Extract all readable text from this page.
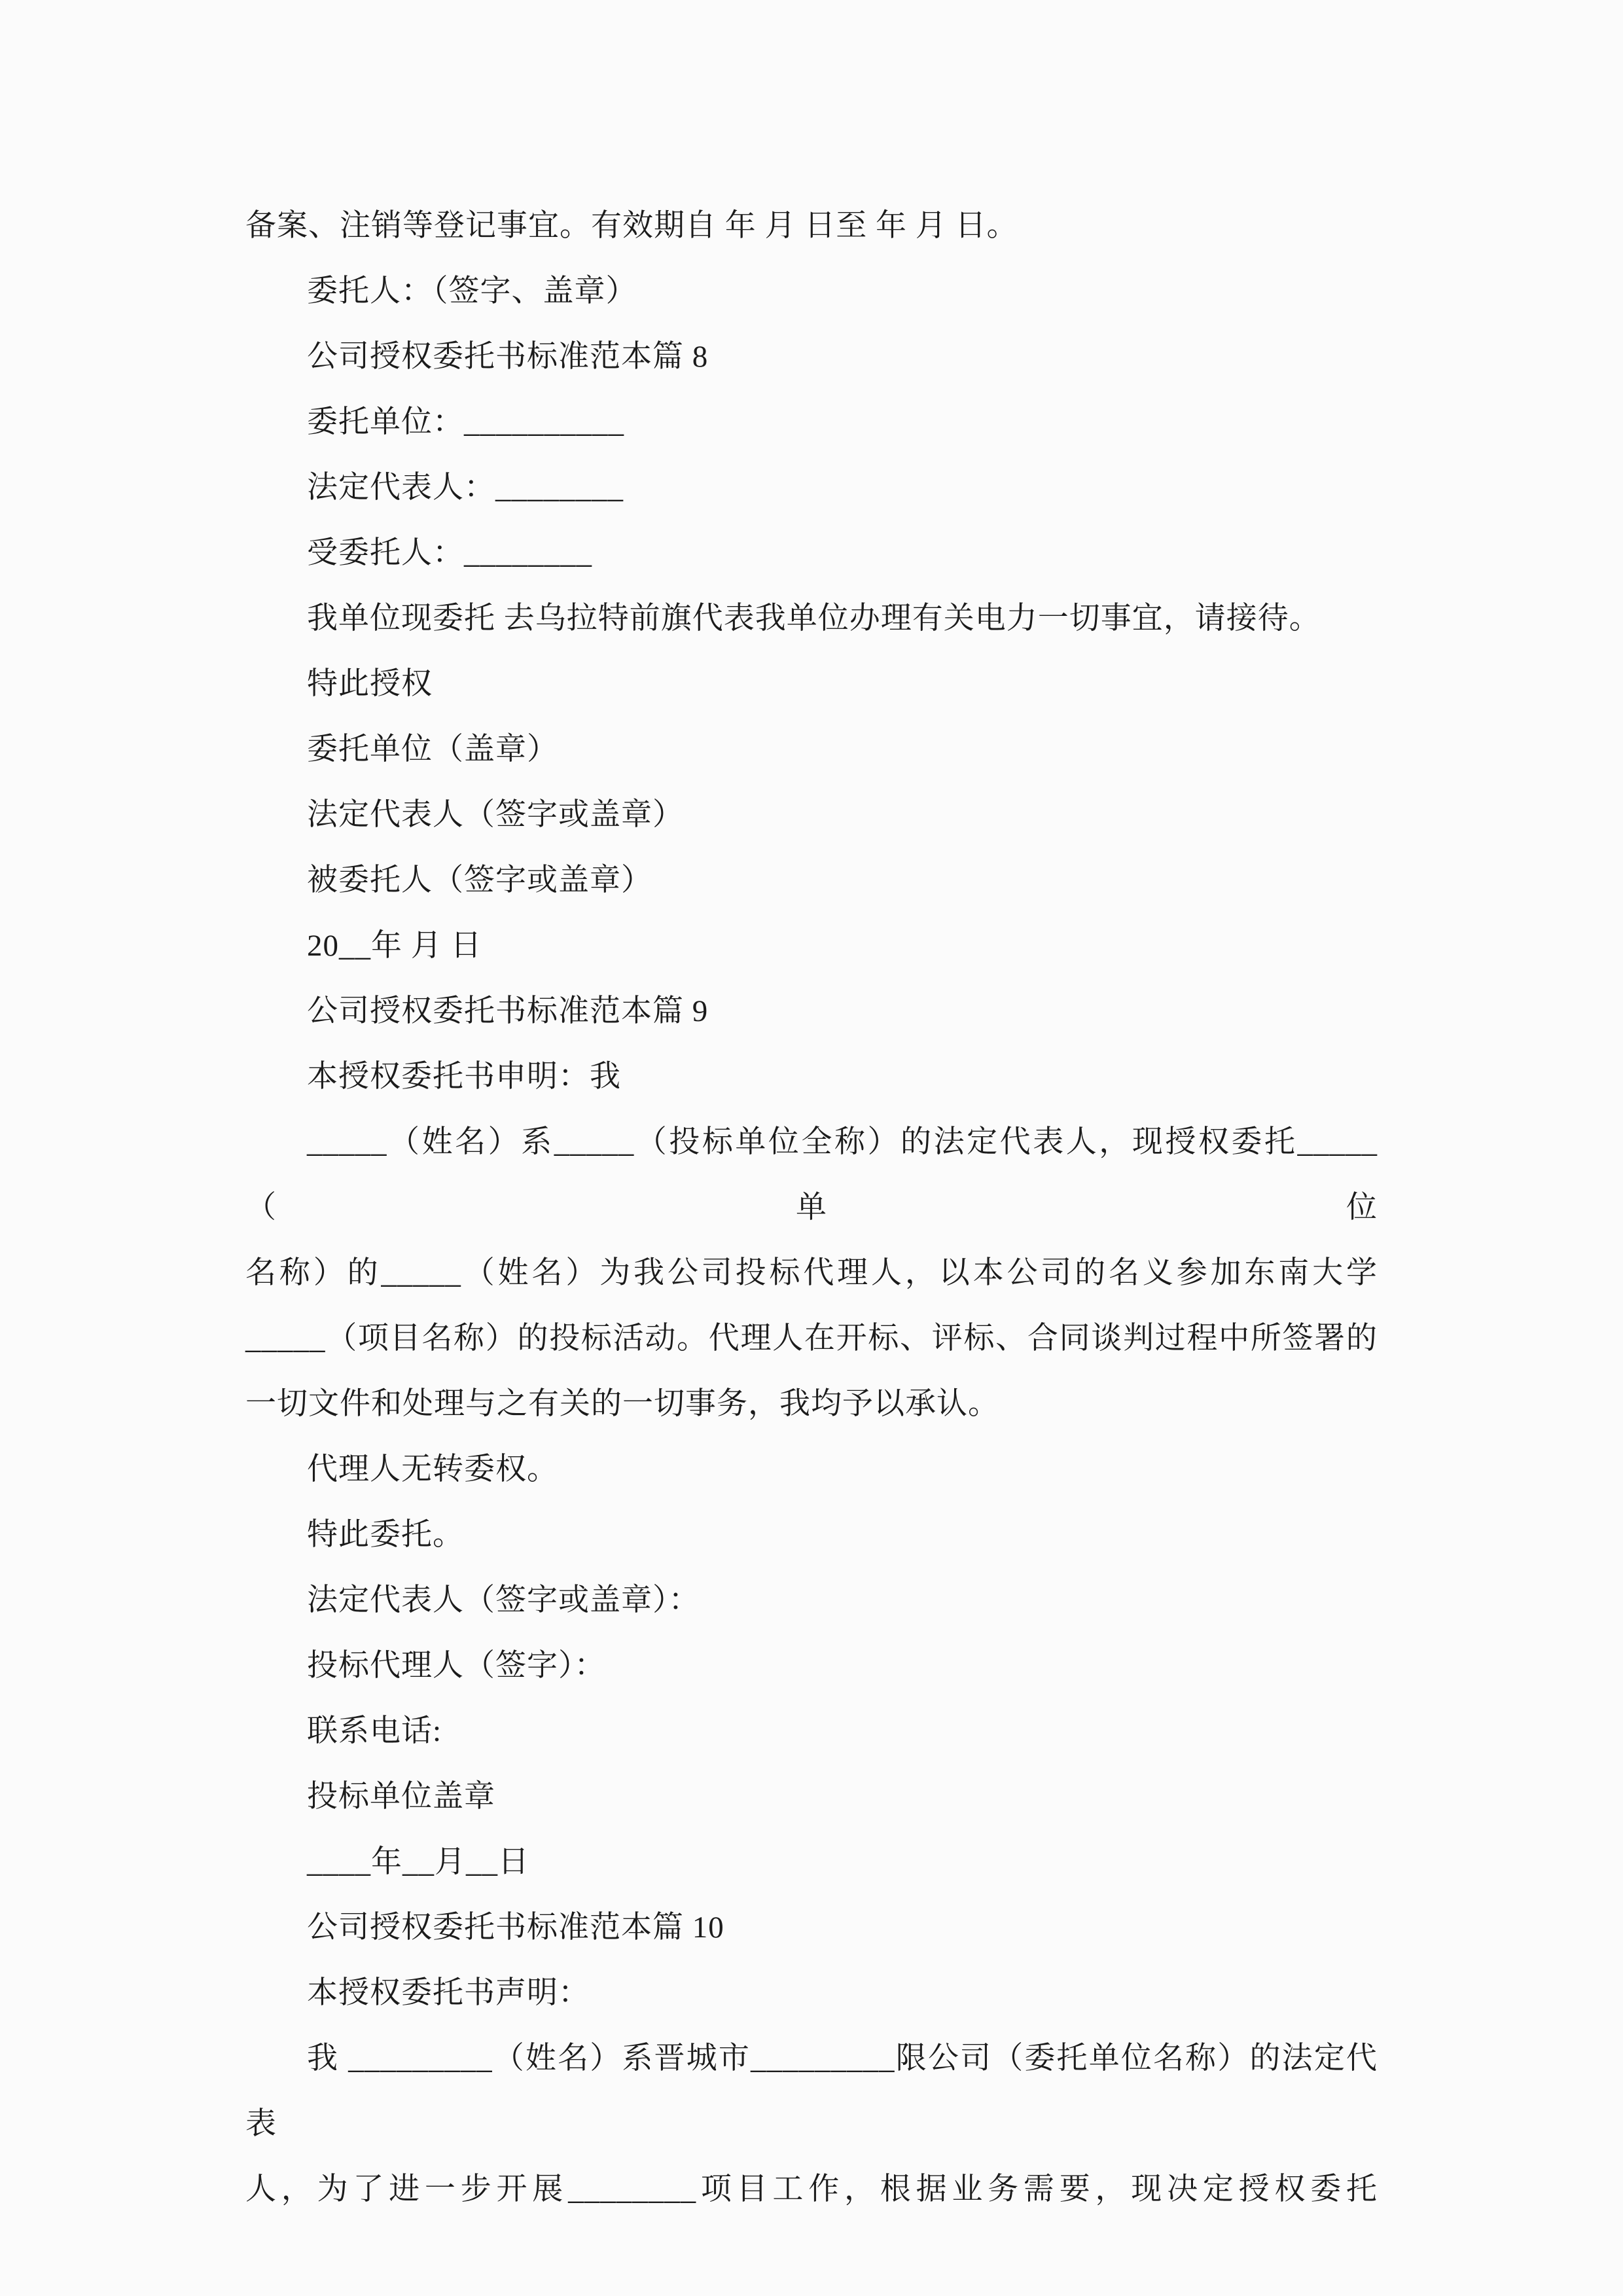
备案、注销等登记事宜。有效期自 年 月 日至 年 月 日。
委托人：（签字、盖章）
公司授权委托书标准范本篇 8
委托单位：__________
法定代表人：________
受委托人：________
我单位现委托 去乌拉特前旗代表我单位办理有关电力一切事宜，请接待。
特此授权
委托单位（盖章）
法定代表人（签字或盖章）
被委托人（签字或盖章）
20__年 月 日
公司授权委托书标准范本篇 9
本授权委托书申明：我
_____（姓名）系_____（投标单位全称）的法定代表人，现授权委托_____（单位
名称）的_____（姓名）为我公司投标代理人，以本公司的名义参加东南大学
_____（项目名称）的投标活动。代理人在开标、评标、合同谈判过程中所签署的
一切文件和处理与之有关的一切事务，我均予以承认。
代理人无转委权。
特此委托。
法定代表人（签字或盖章）：
投标代理人（签字）：
联系电话:
投标单位盖章
____年__月__日
公司授权委托书标准范本篇 10
本授权委托书声明：
我 _________（姓名）系晋城市_________限公司（委托单位名称）的法定代表
人，为了进一步开展________项目工作，根据业务需要，现决定授权委托
